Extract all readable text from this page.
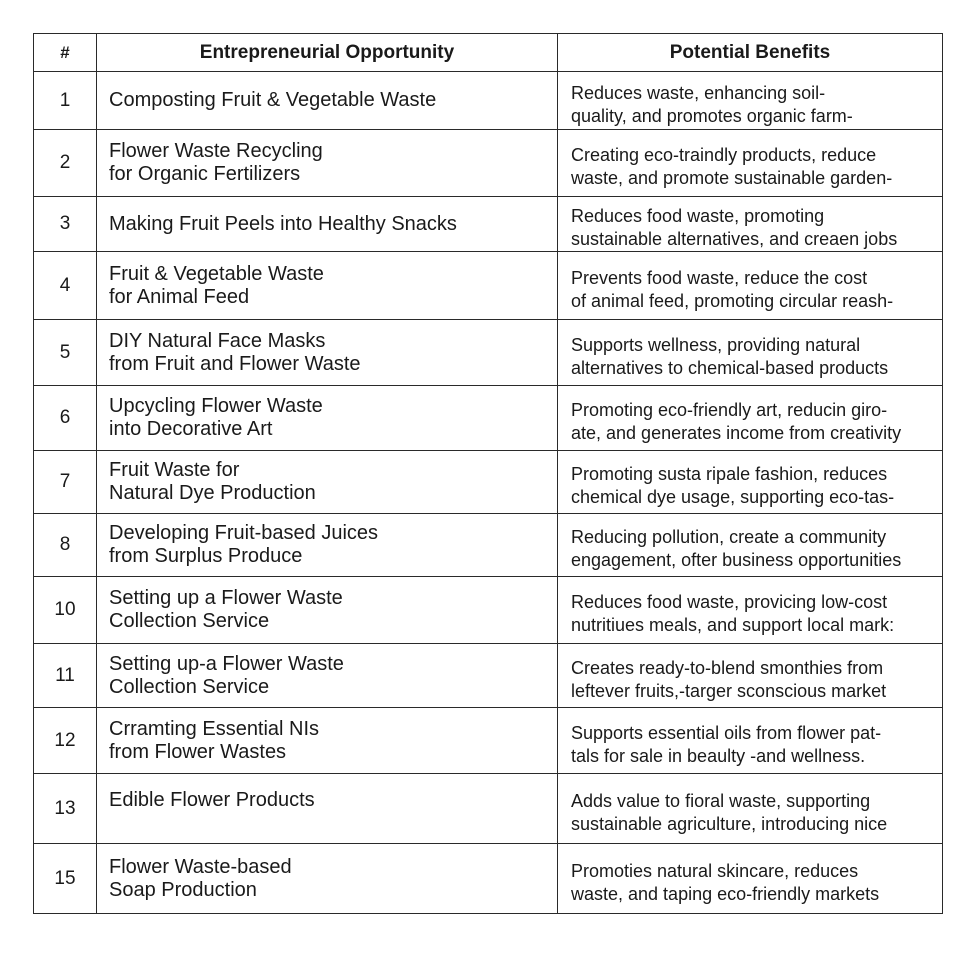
#	Entrepreneurial Opportunity	Potential Benefits
1	Composting Fruit & Vegetable Waste	Reduces waste, enhancing soil-
quality, and promotes organic farm-

2	Flower Waste Recycling
for Organic Fertilizers	Creating eco-traindly products, reduce
waste, and promote sustainable garden-

3	Making Fruit Peels into Healthy Snacks	Reduces food waste, promoting
sustainable alternatives, and creaen jobs

4	Fruit & Vegetable Waste
for Animal Feed	Prevents food waste, reduce the cost
of animal feed, promoting circular reash-

5	DIY Natural Face Masks
from Fruit and Flower Waste	Supports wellness, providing natural
alternatives to chemical-based products

6	Upcycling Flower Waste
into Decorative Art	Promoting eco-friendly art, reducin giro-
ate, and generates income from creativity

7	Fruit Waste for
Natural Dye Production	Promoting susta ripale fashion, reduces
chemical dye usage, supporting eco-tas-

8	Developing Fruit-based Juices
from Surplus Produce	Reducing pollution, create a community
engagement, ofter business opportunities

10	Setting up a Flower Waste
Collection Service	Reduces food waste, provicing low-cost
nutritiues meals, and support local mark:

11	Setting up-a Flower Waste
Collection Service	Creates ready-to-blend smonthies from
leftever fruits,-targer sconscious market

12	Crramting Essential NIs
from Flower Wastes	Supports essential oils from flower pat-
tals for sale in beaulty -and wellness.

13	Edible Flower Products	Adds value to fioral waste, supporting
sustainable agriculture, introducing nice

15	Flower Waste-based
Soap Production	Promoties natural skincare, reduces
waste, and taping eco-friendly markets
